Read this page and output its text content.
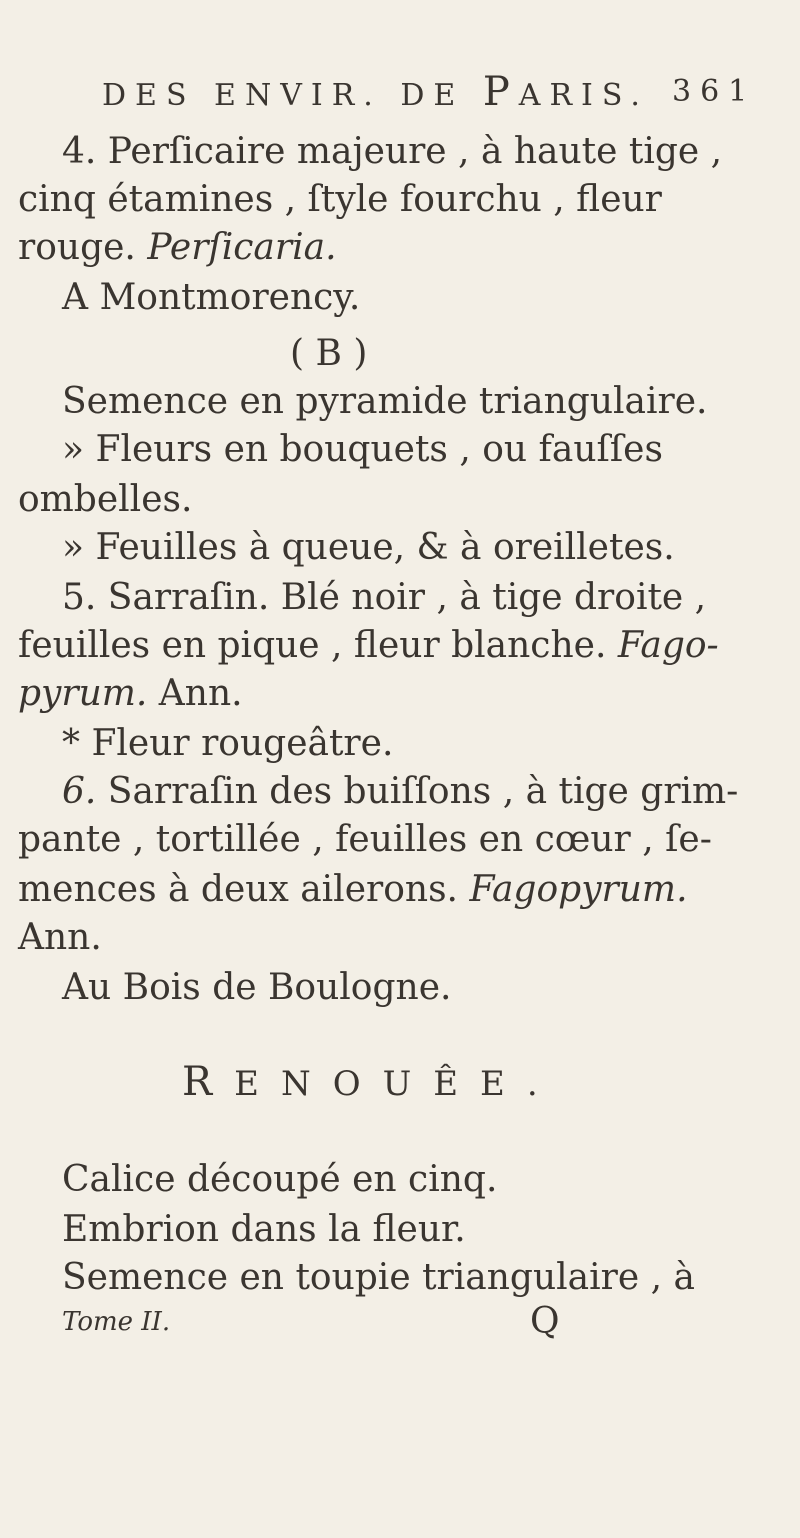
DES ENVIR. DE PARIS. 361
4. Perſicaire majeure , à haute tige ,
cinq étamines , ſtyle fourchu , fleur
rouge. Perſicaria.
A Montmorency.
( B )
Semence en pyramide triangulaire.
» Fleurs en bouquets , ou fauſſes
ombelles.
» Feuilles à queue, & à oreilletes.
5. Sarraſin. Blé noir , à tige droite ,
feuilles en pique , fleur blanche. Fago-
pyrum. Ann.
* Fleur rougeâtre.
6. Sarraſin des buiſſons , à tige grim-
pante , tortillée , feuilles en cœur , ſe-
mences à deux ailerons. Fagopyrum.
Ann.
Au Bois de Boulogne.
RENOUÊE.
Calice découpé en cinq.
Embrion dans la fleur.
Semence en toupie triangulaire , à
Tome II.	Q
